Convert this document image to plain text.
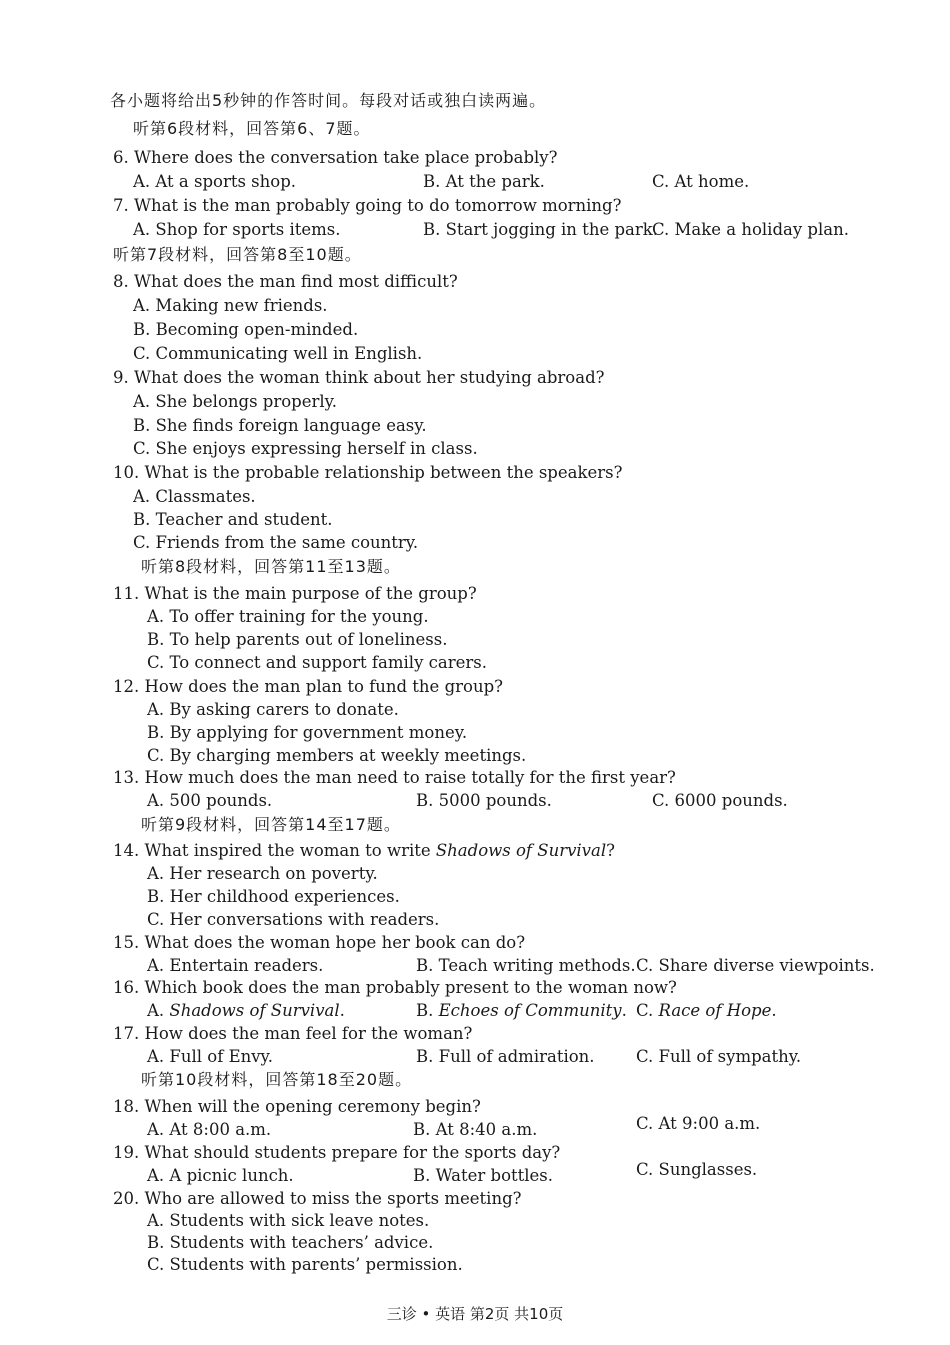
各小题将给出5秒钟的作答时间。每段对话或独白读两遍。
听第6段材料，回答第6、7题。
6. Where does the conversation take place probably?
A. At a sports shop.	B. At the park.	C. At home.
7. What is the man probably going to do tomorrow morning?
A. Shop for sports items.	B. Start jogging in the park.
C. Make a holiday plan.
听第7段材料，回答第8至10题。
8. What does the man find most difficult?
A. Making new friends.
B. Becoming open-minded.
C. Communicating well in English.
9. What does the woman think about her studying abroad?
A. She belongs properly.
B. She finds foreign language easy.
C. She enjoys expressing herself in class.
10. What is the probable relationship between the speakers?
A. Classmates.
B. Teacher and student.
C. Friends from the same country.
听第8段材料，回答第11至13题。
11. What is the main purpose of the group?
A. To offer training for the young.
B. To help parents out of loneliness.
C. To connect and support family carers.
12. How does the man plan to fund the group?
A. By asking carers to donate.
B. By applying for government money.
C. By charging members at weekly meetings.
13. How much does the man need to raise totally for the first year?
A. 500 pounds.	B. 5000 pounds.	C. 6000 pounds.
听第9段材料，回答第14至17题。
14. What inspired the woman to write Shadows of Survival?
A. Her research on poverty.
B. Her childhood experiences.
C. Her conversations with readers.
15. What does the woman hope her book can do?
A. Entertain readers.	B. Teach writing methods. C. Share diverse viewpoints.
16. Which book does the man probably present to the woman now?
A. Shadows of Survival.	B. Echoes of Community. C. Race of Hope.
17. How does the man feel for the woman?
A. Full of Envy.	B. Full of admiration.	C. Full of sympathy.
听第10段材料，回答第18至20题。
18. When will the opening ceremony begin?
A. At 8:00 a.m.	B. At 8:40 a.m.	C. At 9:00 a.m.
19. What should students prepare for the sports day?
A. A picnic lunch.	B. Water bottles.	C. Sunglasses.
20. Who are allowed to miss the sports meeting?
A. Students with sick leave notes.
B. Students with teachers’ advice.
C. Students with parents’ permission.
三诊 • 英语 第2页 共10页
